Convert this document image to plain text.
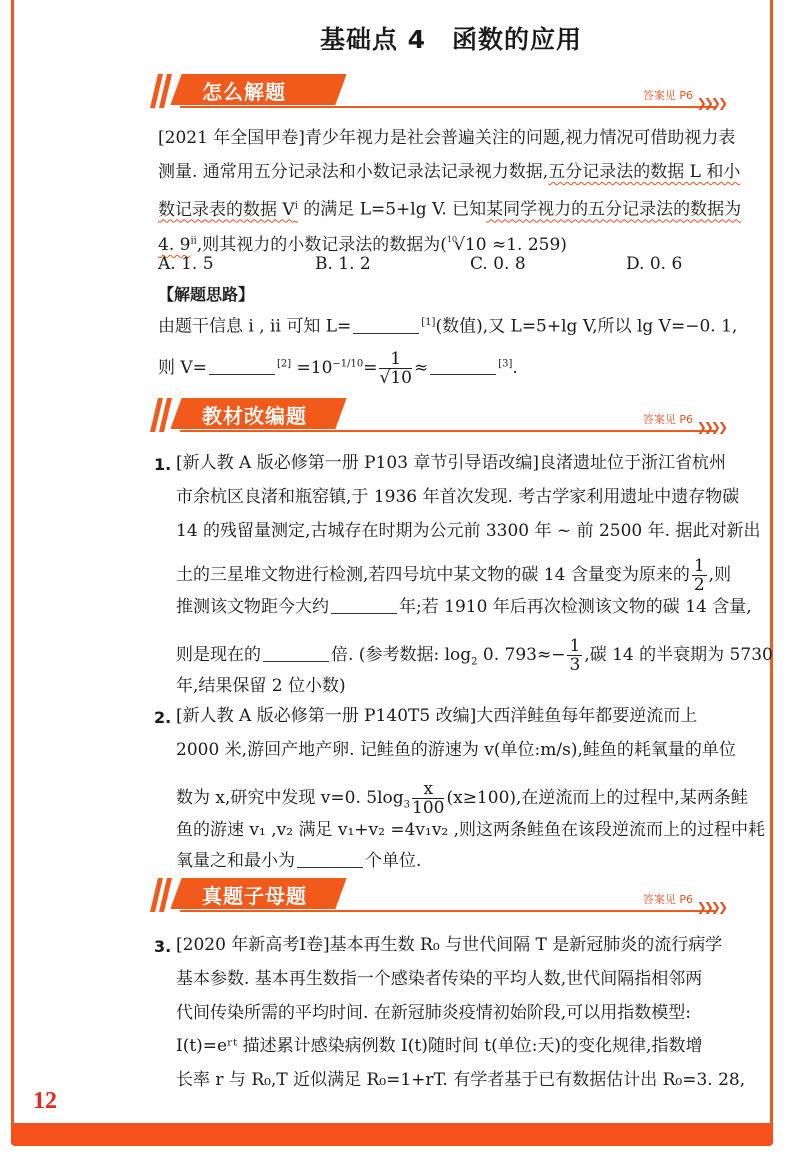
基础点 4　函数的应用
怎么解题	答案见 P6
❯❯❯❯
[2021 年全国甲卷]青少年视力是社会普遍关注的问题,视力情况可借助视力表
测量. 通常用五分记录法和小数记录法记录视力数据,五分记录法的数据 L 和小
数记录表的数据 $V^i$ 的满足 L=5+lg V. 已知某同学视力的五分记录法的数据为
4. 9$^{ii}$,则其视力的小数记录法的数据为($^{10}$√10 ≈1. 259)
A. 1. 5	B. 1. 2	C. 0. 8	D. 0. 6
【解题思路】
由题干信息 i , ii 可知 L=	[1](数值),又 L=5+lg V,所以 lg V=−0. 1,
则 V=	$[2] =10^{-1/10}= \frac{1}{√10}$ ≈	[3].
教材改编题	答案见 P6
❯❯❯❯
1. [新人教 A 版必修第一册 P103 章节引导语改编]良渚遗址位于浙江省杭州
市余杭区良渚和瓶窑镇,于 1936 年首次发现. 考古学家利用遗址中遗存物碳
14 的残留量测定,古城存在时期为公元前 3300 年 ~ 前 2500 年. 据此对新出
土的三星堆文物进行检测,若四号坑中某文物的碳 14 含量变为原来的 $\frac{1}{2}$ ,则
推测该文物距今大约	年;若 1910 年后再次检测该文物的碳 14 含量,
则是现在的	倍. (参考数据: $\log_2 0$. $793\approx- \frac{1}{3}$ ,碳 14 的半衰期为 5730
年,结果保留 2 位小数)
2. [新人教 A 版必修第一册 P140T5 改编]大西洋鲑鱼每年都要逆流而上
2000 米,游回产地产卵. 记鲑鱼的游速为 v(单位:m/s),鲑鱼的耗氧量的单位
数为 x,研究中发现 v=0. $5\log_3 \frac{x}{100} (x\ge 100)$,在逆流而上的过程中,某两条鲑
鱼的游速 v₁ ,v₂ 满足 v₁+v₂ =4v₁v₂ ,则这两条鲑鱼在该段逆流而上的过程中耗
氧量之和最小为	个单位.
真题子母题	答案见 P6
❯❯❯❯
3. [2020 年新高考Ⅰ卷]基本再生数 R₀ 与世代间隔 T 是新冠肺炎的流行病学
基本参数. 基本再生数指一个感染者传染的平均人数,世代间隔指相邻两
代间传染所需的平均时间. 在新冠肺炎疫情初始阶段,可以用指数模型:
I(t)=eʳᵗ 描述累计感染病例数 I(t)随时间 t(单位:天)的变化规律,指数增
长率 r 与 R₀,T 近似满足 R₀=1+rT. 有学者基于已有数据估计出 R₀=3. 28,
12
